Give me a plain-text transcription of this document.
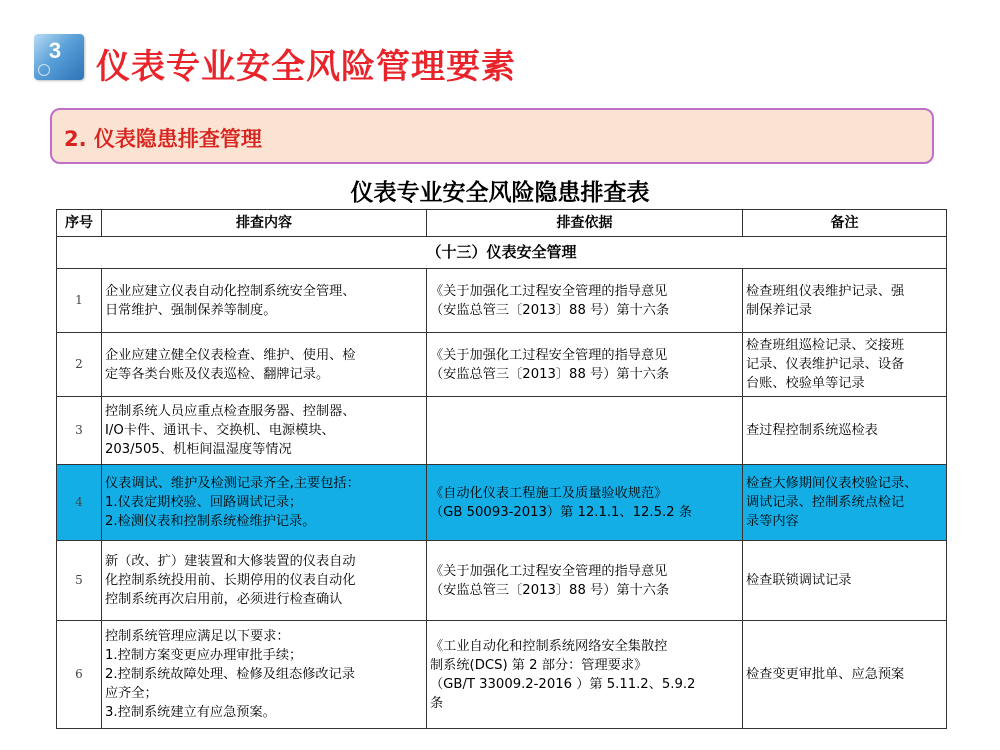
3	仪表专业安全风险管理要素
2. 仪表隐患排查管理
仪表专业安全风险隐患排查表
序号	排查内容	排查依据	备注
（十三）仪表安全管理			
1	企业应建立仪表自动化控制系统安全管理、
日常维护、强制保养等制度。	《关于加强化工过程安全管理的指导意见
（安监总管三〔2013〕88 号）第十六条	检查班组仪表维护记录、强
制保养记录

2	企业应建立健全仪表检查、维护、使用、检
定等各类台账及仪表巡检、翻牌记录。	《关于加强化工过程安全管理的指导意见
（安监总管三〔2013〕88 号）第十六条	检查班组巡检记录、交接班
记录、仪表维护记录、设备
台账、校验单等记录

3	控制系统人员应重点检查服务器、控制器、
I/O卡件、通讯卡、交换机、电源模块、
203/505、机柜间温湿度等情况		查过程控制系统巡检表

4	仪表调试、维护及检测记录齐全,主要包括：
1.仪表定期校验、回路调试记录；
2.检测仪表和控制系统检维护记录。	《自动化仪表工程施工及质量验收规范》
（GB 50093-2013）第 12.1.1、12.5.2 条	检查大修期间仪表校验记录、
调试记录、控制系统点检记
录等内容

5	新（改、扩）建装置和大修装置的仪表自动
化控制系统投用前、长期停用的仪表自动化
控制系统再次启用前，必须进行检查确认	《关于加强化工过程安全管理的指导意见
（安监总管三〔2013〕88 号）第十六条	检查联锁调试记录

6	控制系统管理应满足以下要求：
1.控制方案变更应办理审批手续；
2.控制系统故障处理、检修及组态修改记录
应齐全；
3.控制系统建立有应急预案。	《工业自动化和控制系统网络安全集散控
制系统(DCS) 第 2 部分：管理要求》
（GB/T 33009.2-2016 ）第 5.11.2、5.9.2
条	检查变更审批单、应急预案
